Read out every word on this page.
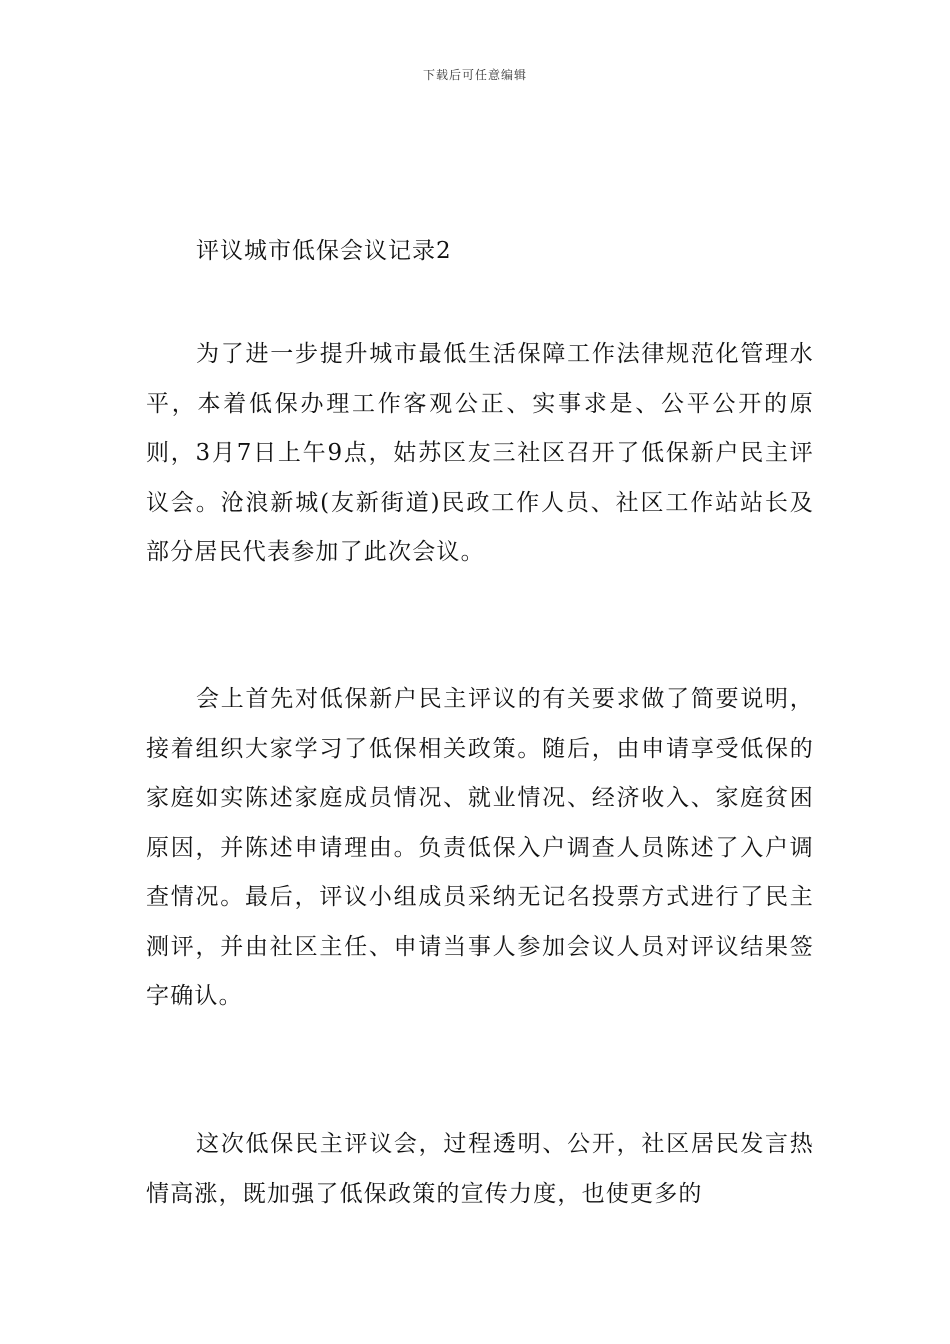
下载后可任意编辑
评议城市低保会议记录2

为了进一步提升城市最低生活保障工作法律规范化管理水平，本着低保办理工作客观公正、实事求是、公平公开的原则，3月7日上午9点，姑苏区友三社区召开了低保新户民主评议会。沧浪新城(友新街道)民政工作人员、社区工作站站长及部分居民代表参加了此次会议。

会上首先对低保新户民主评议的有关要求做了简要说明，接着组织大家学习了低保相关政策。随后，由申请享受低保的家庭如实陈述家庭成员情况、就业情况、经济收入、家庭贫困原因，并陈述申请理由。负责低保入户调查人员陈述了入户调查情况。最后，评议小组成员采纳无记名投票方式进行了民主测评，并由社区主任、申请当事人参加会议人员对评议结果签字确认。

这次低保民主评议会，过程透明、公开，社区居民发言热情高涨，既加强了低保政策的宣传力度，也使更多的
